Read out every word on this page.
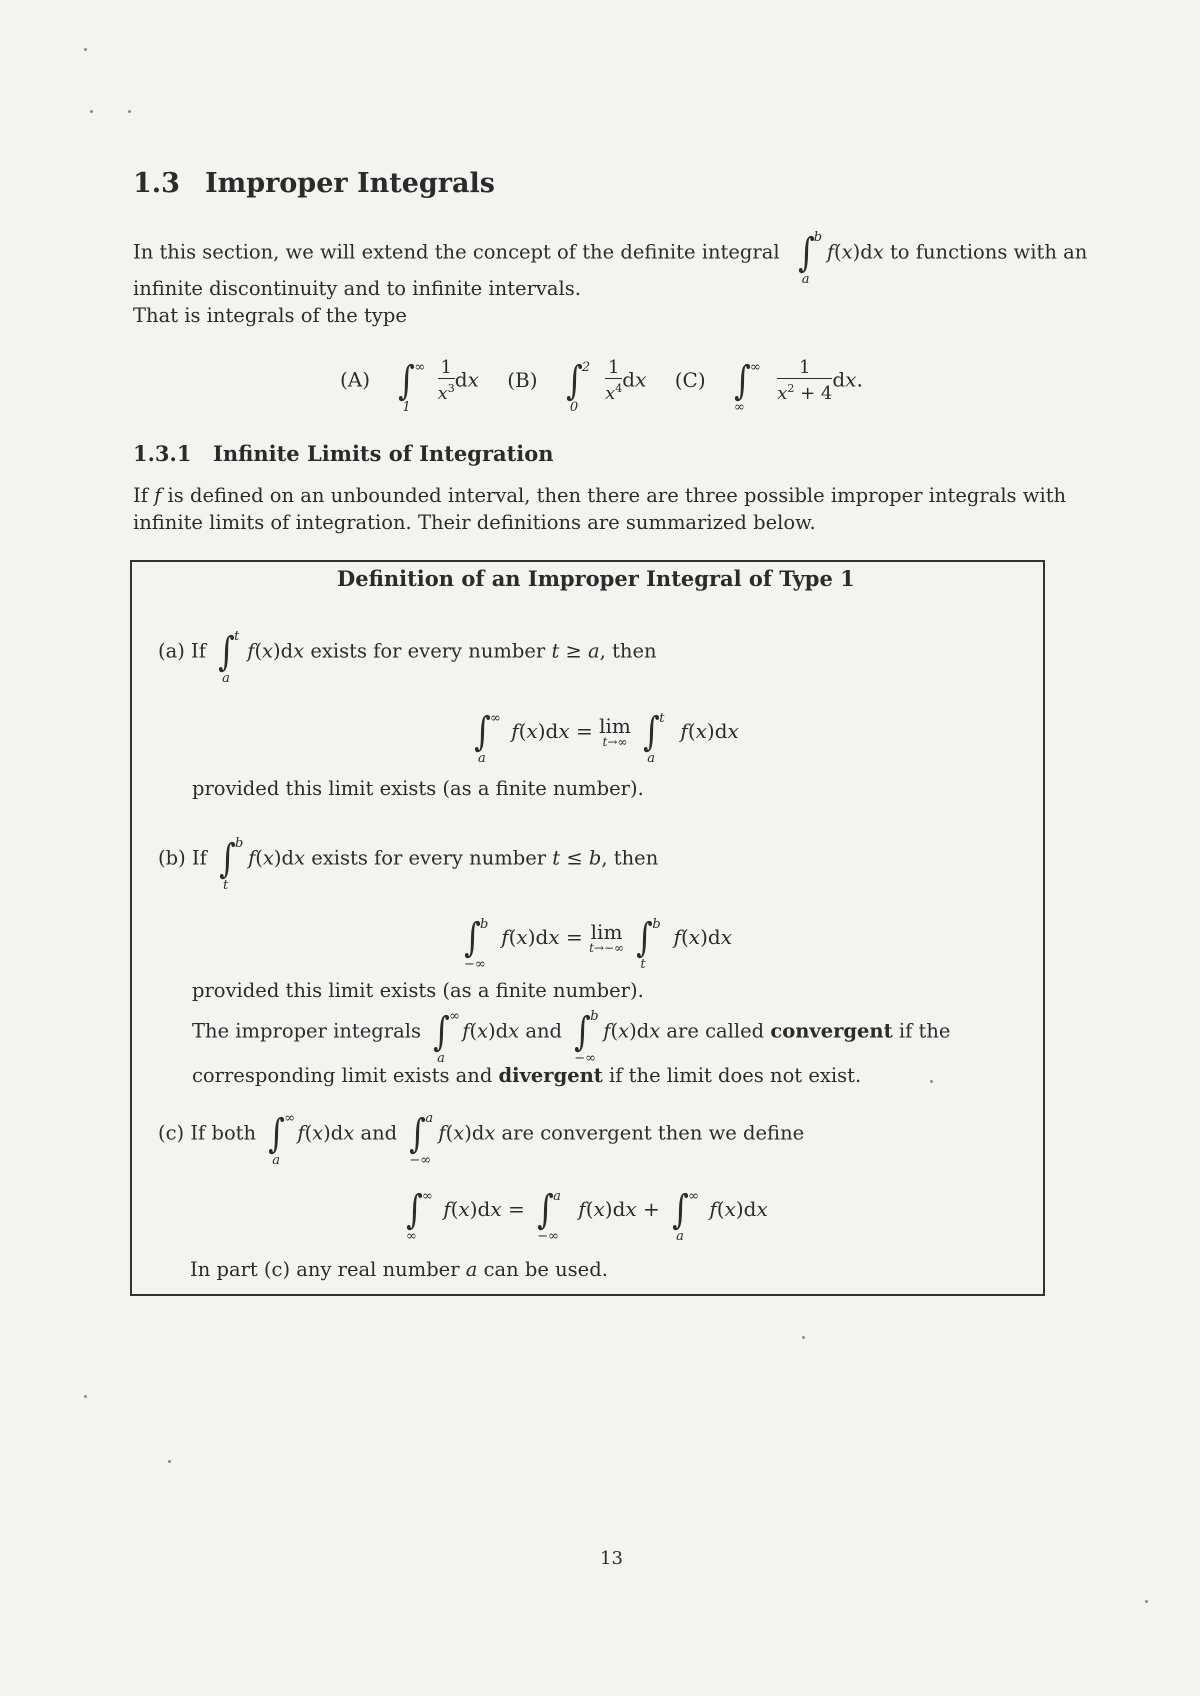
1.3 Improper Integrals
In this section, we will extend the concept of the definite integral ∫ b
a
f(x)dx to functions with an
infinite discontinuity and to infinite intervals.
That is integrals of the type
(A) ∫ ∞
1

$\frac{1}{x^3}$ dx (B) ∫ 2
0

$\frac{1}{x^4}$ dx (C) ∫ ∞
∞

$\frac{1}{x^2 + 4}$ dx.
1.3.1 Infinite Limits of Integration
If f is defined on an unbounded interval, then there are three possible improper integrals with
infinite limits of integration. Their definitions are summarized below.
Definition of an Improper Integral of Type 1
(a) If ∫ t
a
f(x)dx exists for every number t ≥ a, then
∫ ∞
a
f(x)dx = lim
t→∞ ∫ t
a
f(x)dx
provided this limit exists (as a finite number).
(b) If ∫ b
t
f(x)dx exists for every number t ≤ b, then
∫ b
−∞
f(x)dx = lim
t→−∞ ∫ b
t
f(x)dx
provided this limit exists (as a finite number).
The improper integrals ∫ ∞
a
f(x)dx and ∫ b
−∞
f(x)dx are called convergent if the
corresponding limit exists and divergent if the limit does not exist.
(c) If both ∫ ∞
a
f(x)dx and ∫ a
−∞
f(x)dx are convergent then we define
∫ ∞
∞
f(x)dx = ∫ a
−∞
f(x)dx + ∫ ∞
a
f(x)dx
In part (c) any real number a can be used.
13
